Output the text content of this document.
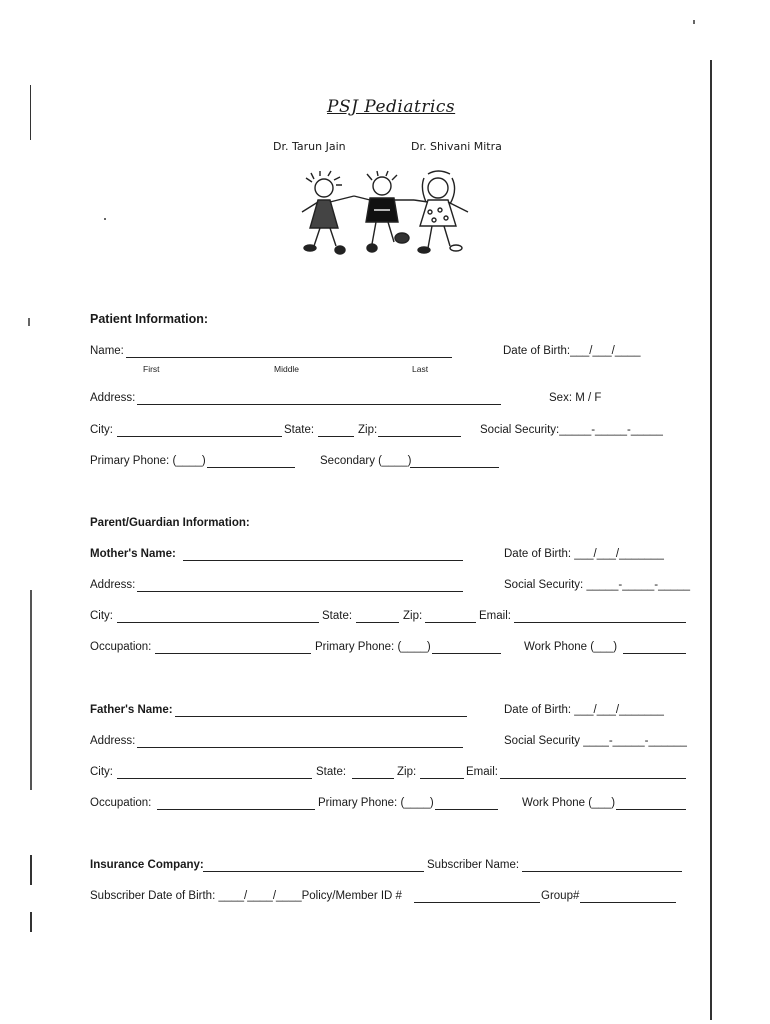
PSJ Pediatrics
Dr. Tarun Jain	Dr. Shivani Mitra
Patient Information:
Name:
First	Middle	Last
Date of Birth:___/___/____
Address:	Sex: M / F
City:	State:	Zip:	Social Security:_____-_____-_____
Primary Phone: (____)	Secondary (____)
Parent/Guardian Information:
Mother's Name:	Date of Birth: ___/___/_______
Address:	Social Security: _____-_____-_____
City:	State:	Zip:	Email:
Occupation:	Primary Phone: (____)	Work Phone (___)
Father's Name:	Date of Birth: ___/___/_______
Address:	Social Security ____-_____-______
City:	State:	Zip:	Email:
Occupation:	Primary Phone: (____)	Work Phone (___)
Insurance Company:	Subscriber Name:
Subscriber Date of Birth: ____/____/____Policy/Member ID #	Group#
